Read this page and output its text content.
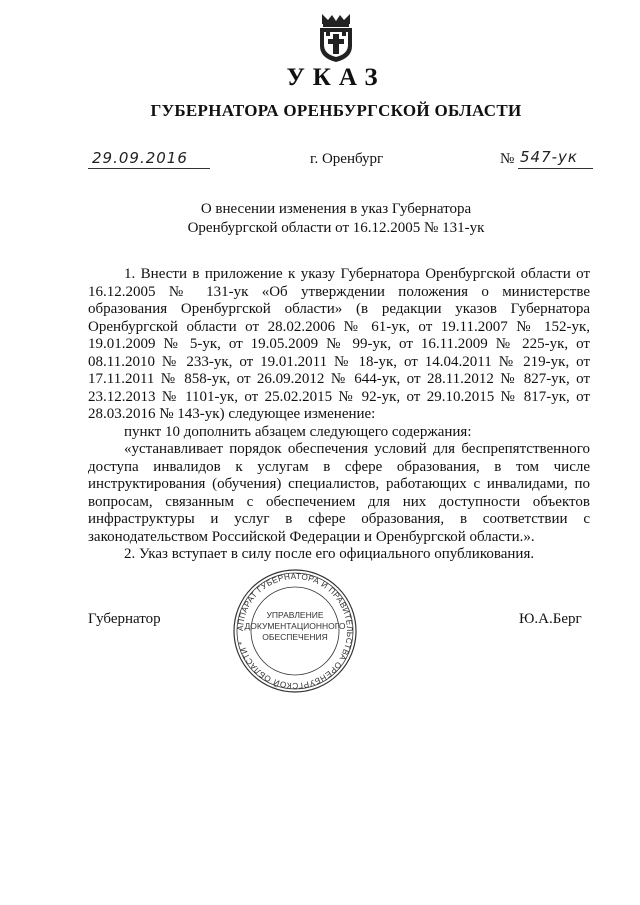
УКАЗ
ГУБЕРНАТОРА ОРЕНБУРГСКОЙ ОБЛАСТИ
29.09.2016	г. Оренбург	№ 547-ук
О внесении изменения в указ Губернатора
Оренбургской области от 16.12.2005 № 131-ук

1. Внести в приложение к указу Губернатора Оренбургской области от 16.12.2005 № 131-ук «Об утверждении положения о министерстве образования Оренбургской области» (в редакции указов Губернатора Оренбургской области от 28.02.2006 № 61-ук, от 19.11.2007 № 152-ук, 19.01.2009 № 5-ук, от 19.05.2009 № 99-ук, от 16.11.2009 № 225-ук, от 08.11.2010 № 233-ук, от 19.01.2011 № 18-ук, от 14.04.2011 № 219-ук, от 17.11.2011 № 858-ук, от 26.09.2012 № 644-ук, от 28.11.2012 № 827-ук, от 23.12.2013 № 1101-ук, от 25.02.2015 № 92-ук, от 29.10.2015 № 817-ук, от 28.03.2016 № 143-ук) следующее изменение:

пункт 10 дополнить абзацем следующего содержания:

«устанавливает порядок обеспечения условий для беспрепятственного доступа инвалидов к услугам в сфере образования, в том числе инструктирования (обучения) специалистов, работающих с инвалидами, по вопросам, связанным с обеспечением для них доступности объектов инфраструктуры и услуг в сфере образования, в соответствии с законодательством Российской Федерации и Оренбургской области.».

2. Указ вступает в силу после его официального опубликования.

Губернатор	Ю.А.Берг
АППАРАТ ГУБЕРНАТОРА И ПРАВИТЕЛЬСТВА ОРЕНБУРГСКОЙ ОБЛАСТИ *
УПРАВЛЕНИЕ
ДОКУМЕНТАЦИОННОГО
ОБЕСПЕЧЕНИЯ
